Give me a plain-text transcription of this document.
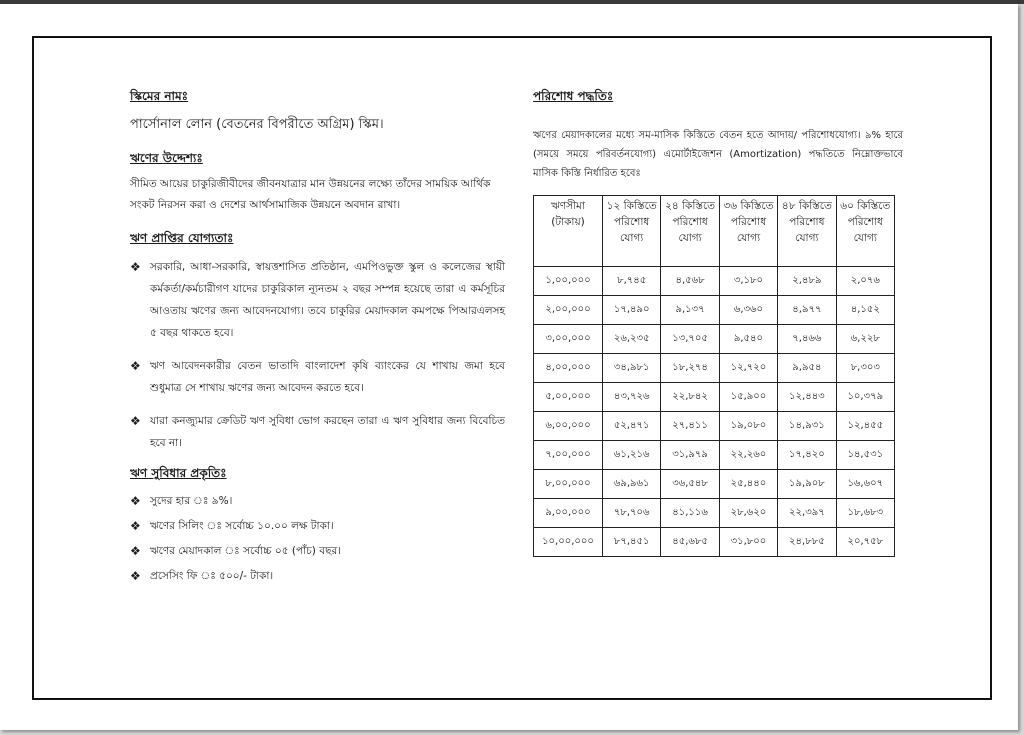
স্কিমের নামঃ

পার্সোনাল লোন (বেতনের বিপরীতে অগ্রিম) স্কিম।

ঋণের উদ্দেশ্যঃ

সীমিত আয়ের চাকুরিজীবীদের জীবনযাত্রার মান উন্নয়নের লক্ষ্যে তাঁদের সাময়িক আর্থিক সংকট নিরসন করা ও দেশের আর্থসামাজিক উন্নয়নে অবদান রাখা।

ঋণ প্রাপ্তির যোগ্যতাঃ

❖ সরকারি, আধা-সরকারি, স্বায়ত্তশাসিত প্রতিষ্ঠান, এমপিওভুক্ত স্কুল ও কলেজের স্থায়ী কর্মকর্তা/কর্মচারীগণ যাদের চাকুরিকাল ন্যূনতম ২ বছর সম্পন্ন হয়েছে তারা এ কর্মসূচির আওতায় ঋণের জন্য আবেদনযোগ্য। তবে চাকুরির মেয়াদকাল কমপক্ষে পিআরএলসহ ৫ বছর থাকতে হবে।
❖ ঋণ আবেদনকারীর বেতন ভাতাদি বাংলাদেশ কৃষি ব্যাংকের যে শাখায় জমা হবে শুধুমাত্র সে শাখায় ঋণের জন্য আবেদন করতে হবে।
❖ যারা কনজ্যুমার ক্রেডিট ঋণ সুবিধা ভোগ করছেন তারা এ ঋণ সুবিধার জন্য বিবেচিত হবে না।

ঋণ সুবিধার প্রকৃতিঃ

❖ সুদের হার ঃ ৯%।
❖ ঋণের সিলিং ঃ সর্বোচ্চ ১০.০০ লক্ষ টাকা।
❖ ঋণের মেয়াদকাল ঃ সর্বোচ্চ ০৫ (পাঁচ) বছর।
❖ প্রসেসিং ফি ঃ ৫০০/- টাকা।

পরিশোধ পদ্ধতিঃ

ঋণের মেয়াদকালের মধ্যে সম-মাসিক কিস্তিতে বেতন হতে আদায়/ পরিশোধযোগ্য। ৯% হারে (সময়ে সময়ে পরিবর্তনযোগ্য) এমোর্টাইজেশন (Amortization) পদ্ধতিতে নিম্নোক্তভাবে মাসিক কিস্তি নির্ধারিত হবেঃ

ঋণসীমা (টাকায়)	১২ কিস্তিতে পরিশোধ যোগ্য	২৪ কিস্তিতে পরিশোধ যোগ্য	৩৬ কিস্তিতে পরিশোধ যোগ্য	৪৮ কিস্তিতে পরিশোধ যোগ্য	৬০ কিস্তিতে পরিশোধ যোগ্য
১,০০,০০০	৮,৭৪৫	৪,৫৬৮	৩,১৮০	২,৪৮৯	২,০৭৬
২,০০,০০০	১৭,৪৯০	৯,১৩৭	৬,৩৬০	৪,৯৭৭	৪,১৫২
৩,০০,০০০	২৬,২৩৫	১৩,৭০৫	৯,৫৪০	৭,৪৬৬	৬,২২৮
৪,০০,০০০	৩৪,৯৮১	১৮,২৭৪	১২,৭২০	৯,৯৫৪	৮,৩০৩
৫,০০,০০০	৪৩,৭২৬	২২,৮৪২	১৫,৯০০	১২,৪৪৩	১০,৩৭৯
৬,০০,০০০	৫২,৪৭১	২৭,৪১১	১৯,০৮০	১৪,৯৩১	১২,৪৫৫
৭,০০,০০০	৬১,২১৬	৩১,৯৭৯	২২,২৬০	১৭,৪২০	১৪,৫৩১
৮,০০,০০০	৬৯,৯৬১	৩৬,৫৪৮	২৫,৪৪০	১৯,৯০৮	১৬,৬০৭
৯,০০,০০০	৭৮,৭০৬	৪১,১১৬	২৮,৬২০	২২,৩৯৭	১৮,৬৮৩
১০,০০,০০০	৮৭,৪৫১	৪৫,৬৮৫	৩১,৮০০	২৪,৮৮৫	২০,৭৫৮
